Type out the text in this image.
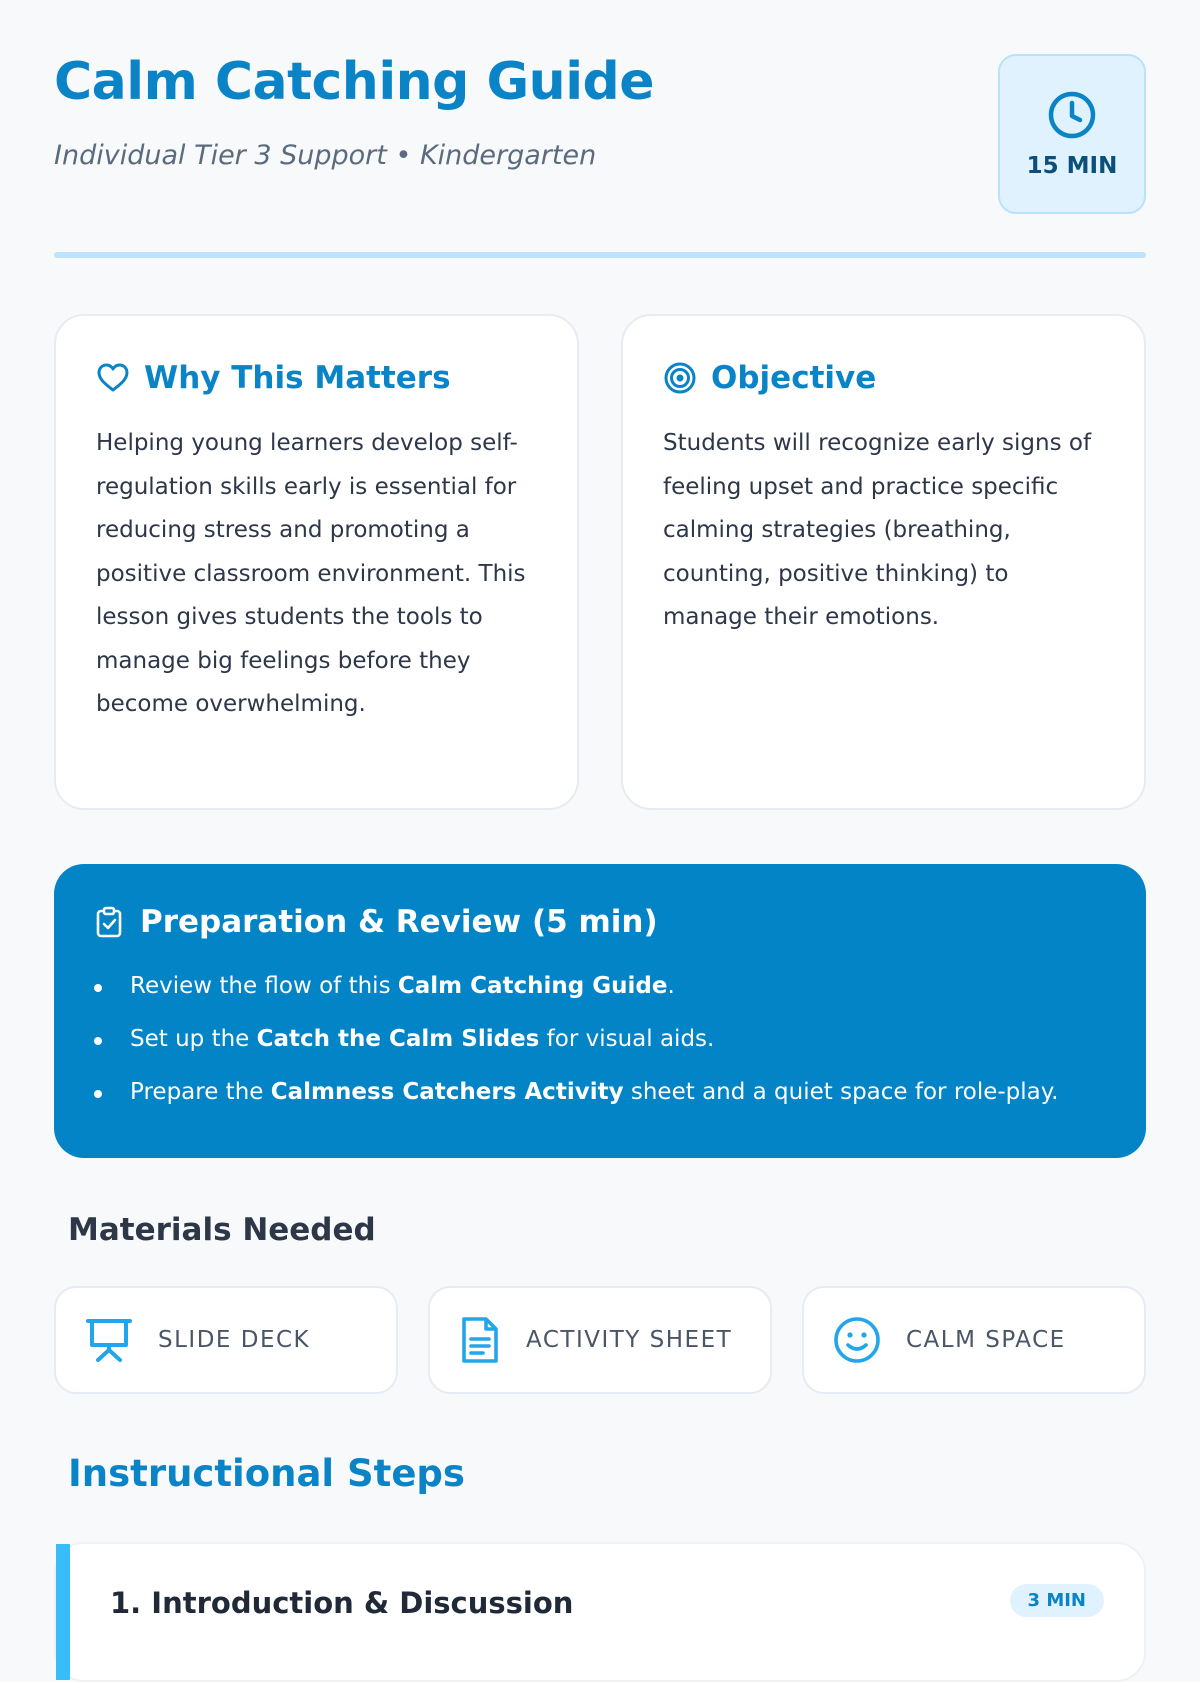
Calm Catching Guide
Individual Tier 3 Support • Kindergarten	15 MIN
Why This Matters

Helping young learners develop self-regulation skills early is essential for reducing stress and promoting a positive classroom environment. This lesson gives students the tools to manage big feelings before they become overwhelming.

Objective

Students will recognize early signs of feeling upset and practice specific calming strategies (breathing, counting, positive thinking) to manage their emotions.

Preparation & Review (5 min)
Review the flow of this Calm Catching Guide.
Set up the Catch the Calm Slides for visual aids.
Prepare the Calmness Catchers Activity sheet and a quiet space for role-play.
Materials Needed
SLIDE DECK	ACTIVITY SHEET	CALM SPACE
Instructional Steps
1. Introduction & Discussion	3 MIN
